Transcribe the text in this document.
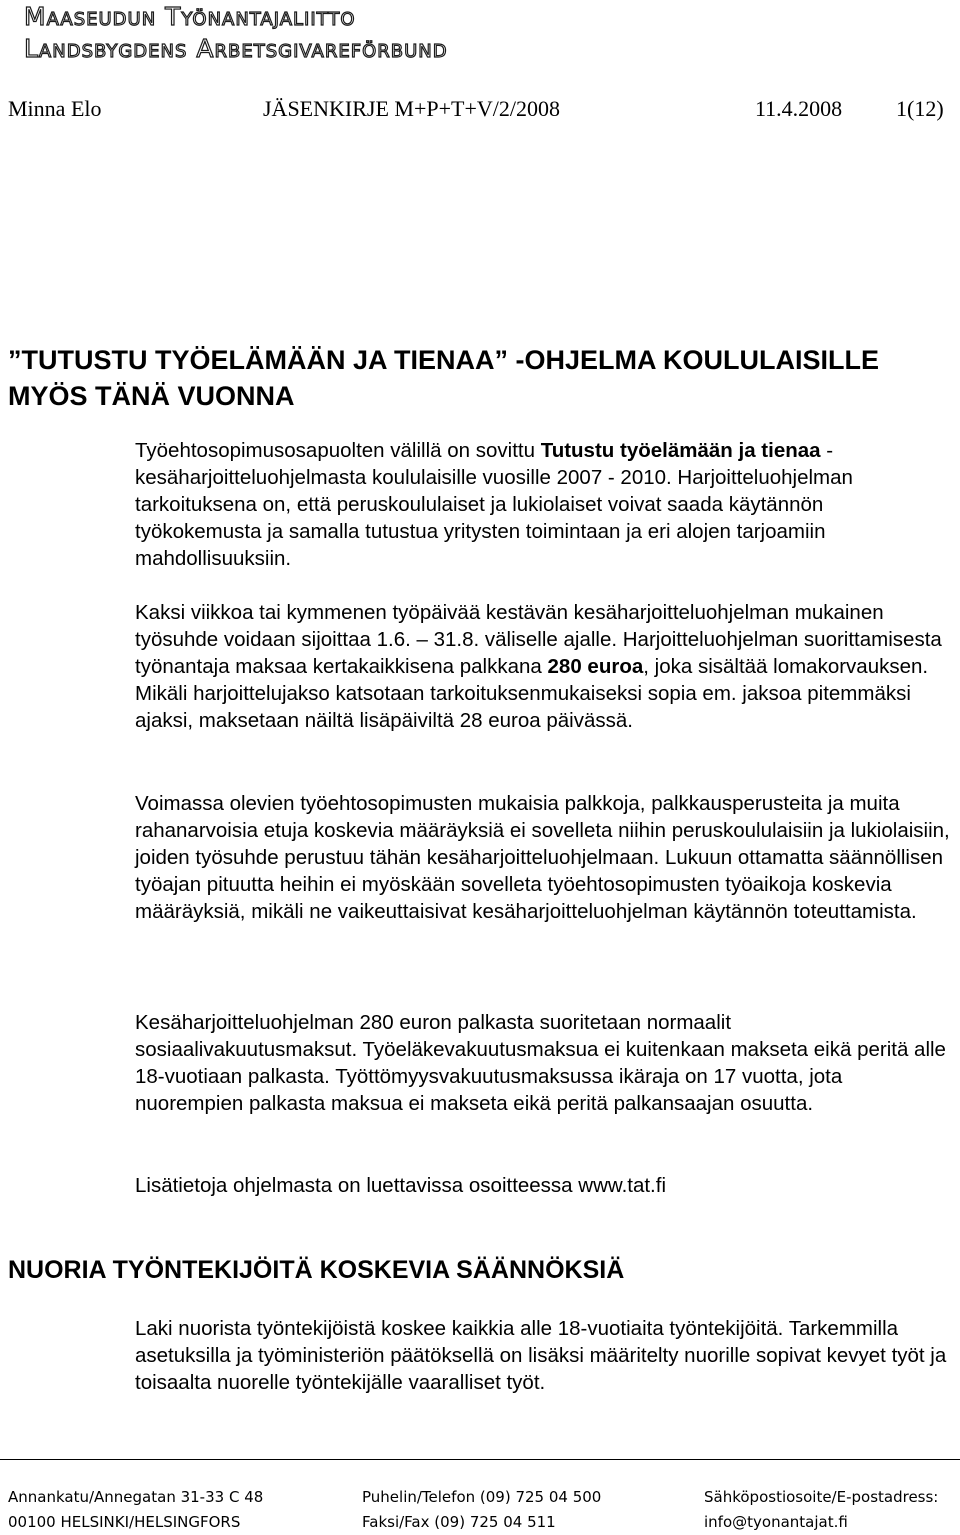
Maaseudun Työnantajaliitto
Landsbygdens Arbetsgivareförbund
Minna Elo	JÄSENKIRJE M+P+T+V/2/2008	11.4.2008 1(12)
”TUTUSTU TYÖELÄMÄÄN JA TIENAA” -OHJELMA KOULULAISILLE MYÖS TÄNÄ VUONNA

Työehtosopimusosapuolten välillä on sovittu Tutustu työelämään ja tienaa -kesäharjoitteluohjelmasta koululaisille vuosille 2007 - 2010. Harjoitteluohjelman tarkoituksena on, että peruskoululaiset ja lukiolaiset voivat saada käytännön työkokemusta ja samalla tutustua yritysten toimintaan ja eri alojen tarjoamiin mahdollisuuksiin.

Kaksi viikkoa tai kymmenen työpäivää kestävän kesäharjoitteluohjelman mukainen työsuhde voidaan sijoittaa 1.6. – 31.8. väliselle ajalle. Harjoitteluohjelman suorittamisesta työnantaja maksaa kertakaikkisena palkkana 280 euroa, joka sisältää lomakorvauksen. Mikäli harjoittelujakso katsotaan tarkoituksenmukaiseksi sopia em. jaksoa pitemmäksi ajaksi, maksetaan näiltä lisäpäiviltä 28 euroa päivässä.

Voimassa olevien työehtosopimusten mukaisia palkkoja, palkkausperusteita ja muita rahanarvoisia etuja koskevia määräyksiä ei sovelleta niihin peruskoululaisiin ja lukiolaisiin, joiden työsuhde perustuu tähän kesäharjoitteluohjelmaan. Lukuun ottamatta säännöllisen työajan pituutta heihin ei myöskään sovelleta työehtosopimusten työaikoja koskevia määräyksiä, mikäli ne vaikeuttaisivat kesäharjoitteluohjelman käytännön toteuttamista.

Kesäharjoitteluohjelman 280 euron palkasta suoritetaan normaalit sosiaalivakuutusmaksut. Työeläkevakuutusmaksua ei kuitenkaan makseta eikä peritä alle 18-vuotiaan palkasta. Työttömyysvakuutusmaksussa ikäraja on 17 vuotta, jota nuorempien palkasta maksua ei makseta eikä peritä palkansaajan osuutta.

Lisätietoja ohjelmasta on luettavissa osoitteessa www.tat.fi

NUORIA TYÖNTEKIJÖITÄ KOSKEVIA SÄÄNNÖKSIÄ

Laki nuorista työntekijöistä koskee kaikkia alle 18-vuotiaita työntekijöitä. Tarkemmilla asetuksilla ja työministeriön päätöksellä on lisäksi määritelty nuorille sopivat kevyet työt ja toisaalta nuorelle työntekijälle vaaralliset työt.

Annankatu/Annegatan 31-33 C 48
00100 HELSINKI/HELSINGFORS
Puhelin/Telefon (09) 725 04 500
Faksi/Fax (09) 725 04 511
Sähköpostiosoite/E-postadress:
info@tyonantajat.fi
